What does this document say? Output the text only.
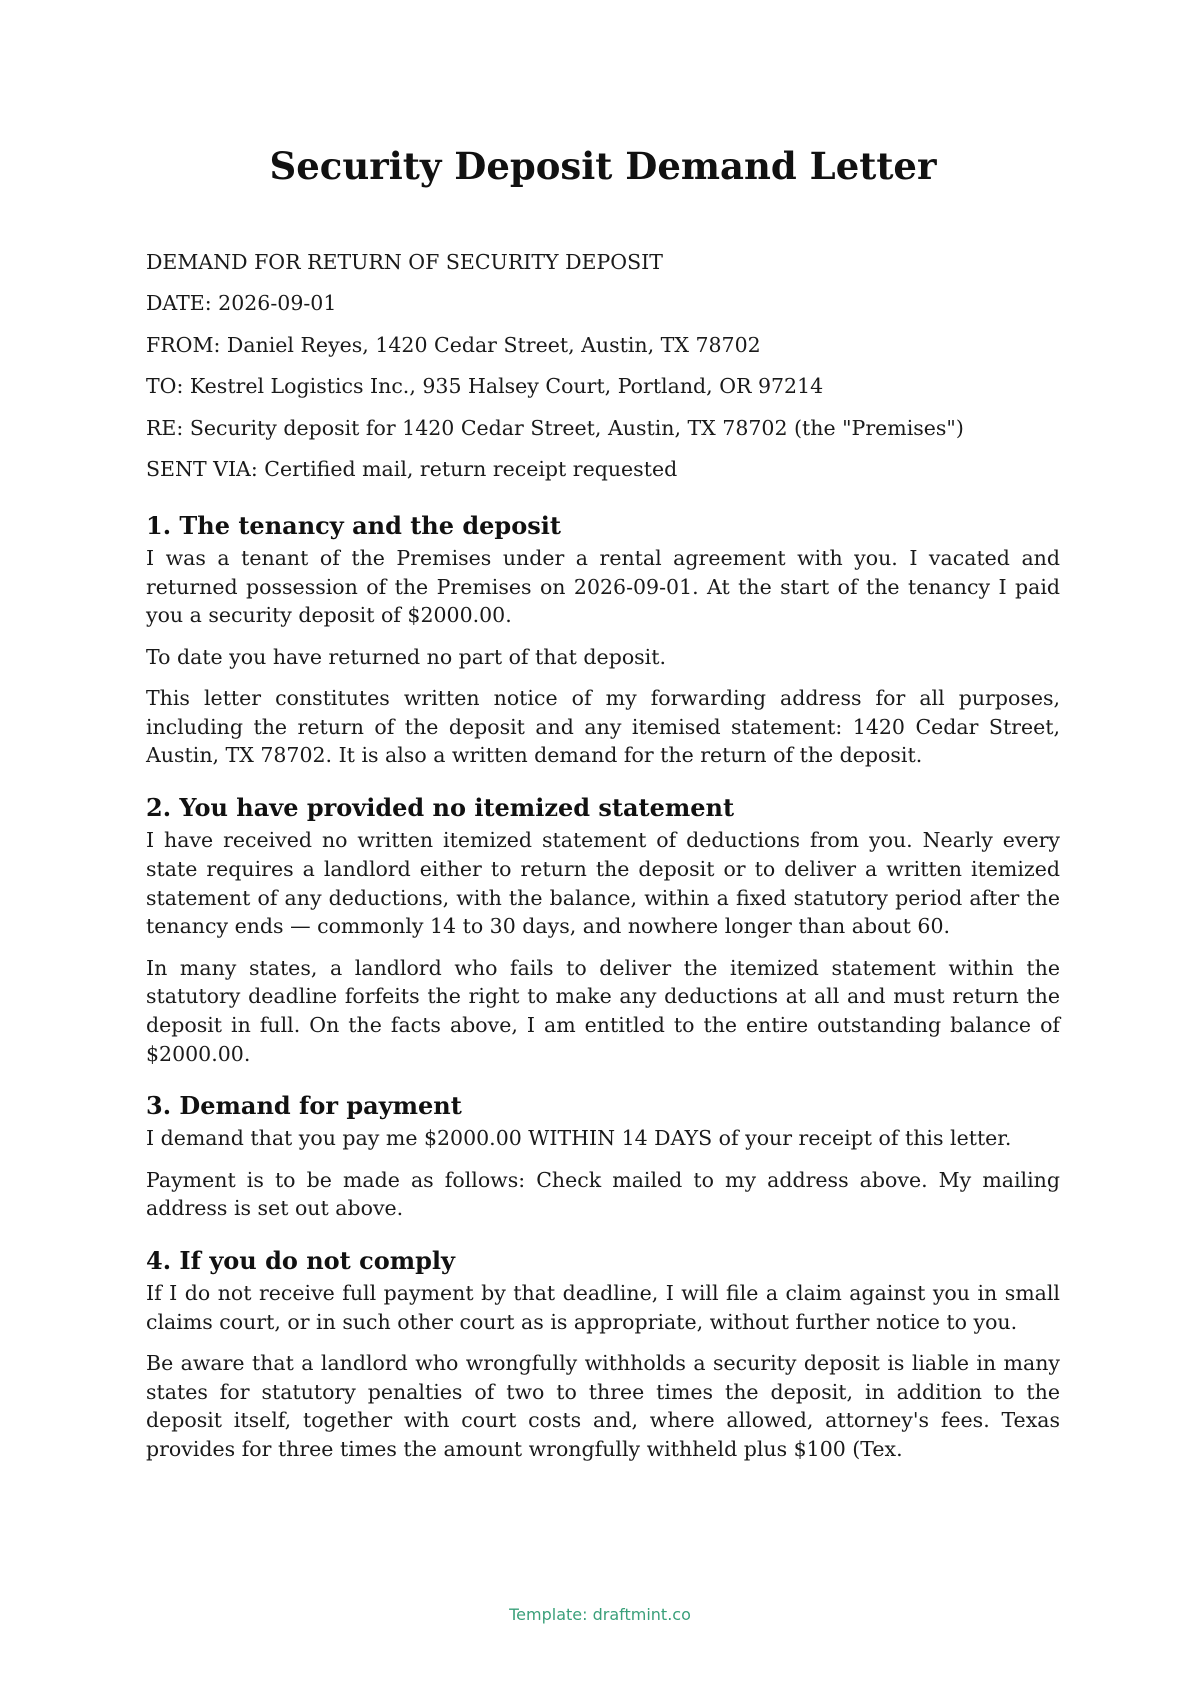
Security Deposit Demand Letter
DEMAND FOR RETURN OF SECURITY DEPOSIT
DATE: 2026-09-01
FROM: Daniel Reyes, 1420 Cedar Street, Austin, TX 78702
TO: Kestrel Logistics Inc., 935 Halsey Court, Portland, OR 97214
RE: Security deposit for 1420 Cedar Street, Austin, TX 78702 (the "Premises")
SENT VIA: Certified mail, return receipt requested
1. The tenancy and the deposit

I was a tenant of the Premises under a rental agreement with you. I vacated and returned possession of the Premises on 2026-09-01. At the start of the tenancy I paid you a security deposit of $2000.00.

To date you have returned no part of that deposit.

This letter constitutes written notice of my forwarding address for all purposes, including the return of the deposit and any itemised statement: 1420 Cedar Street, Austin, TX 78702. It is also a written demand for the return of the deposit.

2. You have provided no itemized statement

I have received no written itemized statement of deductions from you. Nearly every state requires a landlord either to return the deposit or to deliver a written itemized statement of any deductions, with the balance, within a fixed statutory period after the tenancy ends — commonly 14 to 30 days, and nowhere longer than about 60.

In many states, a landlord who fails to deliver the itemized statement within the statutory deadline forfeits the right to make any deductions at all and must return the deposit in full. On the facts above, I am entitled to the entire outstanding balance of $2000.00.

3. Demand for payment

I demand that you pay me $2000.00 WITHIN 14 DAYS of your receipt of this letter.

Payment is to be made as follows: Check mailed to my address above. My mailing address is set out above.

4. If you do not comply

If I do not receive full payment by that deadline, I will file a claim against you in small claims court, or in such other court as is appropriate, without further notice to you.

Be aware that a landlord who wrongfully withholds a security deposit is liable in many states for statutory penalties of two to three times the deposit, in addition to the deposit itself, together with court costs and, where allowed, attorney's fees. Texas provides for three times the amount wrongfully withheld plus $100 (Tex.

Template: draftmint.co
